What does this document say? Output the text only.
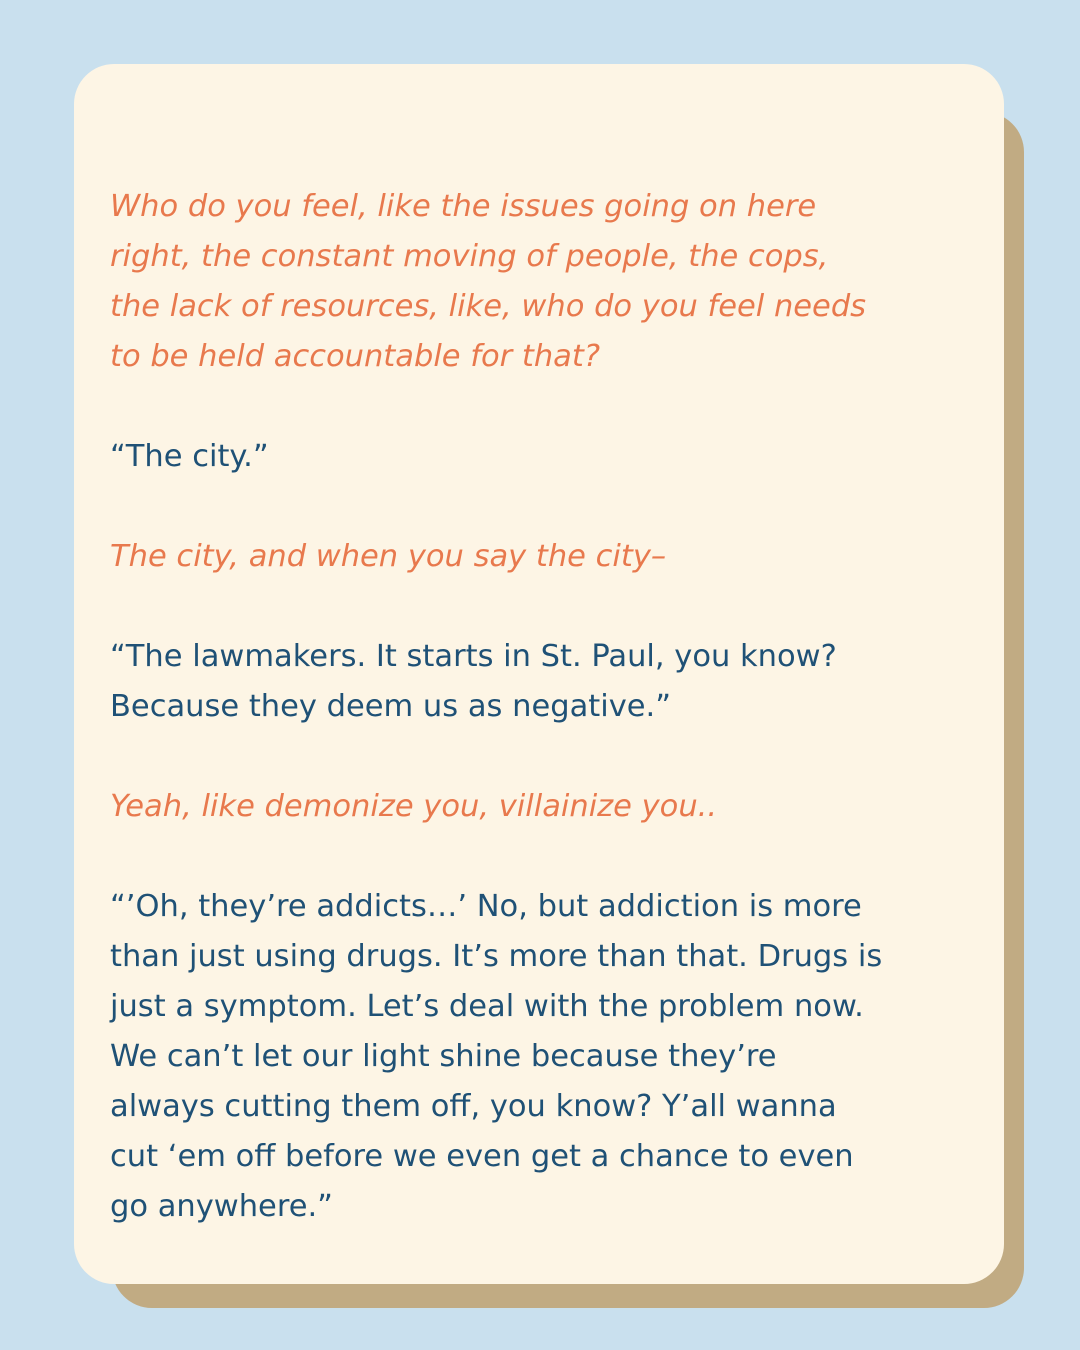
Who do you feel, like the issues going on here
right, the constant moving of people, the cops,
the lack of resources, like, who do you feel needs
to be held accountable for that?

“The city.”

The city, and when you say the city–

“The lawmakers. It starts in St. Paul, you know?
Because they deem us as negative.”

Yeah, like demonize you, villainize you..

“’Oh, they’re addicts…’ No, but addiction is more
than just using drugs. It’s more than that. Drugs is
just a symptom. Let’s deal with the problem now.
We can’t let our light shine because they’re
always cutting them off, you know? Y’all wanna
cut ‘em off before we even get a chance to even
go anywhere.”
